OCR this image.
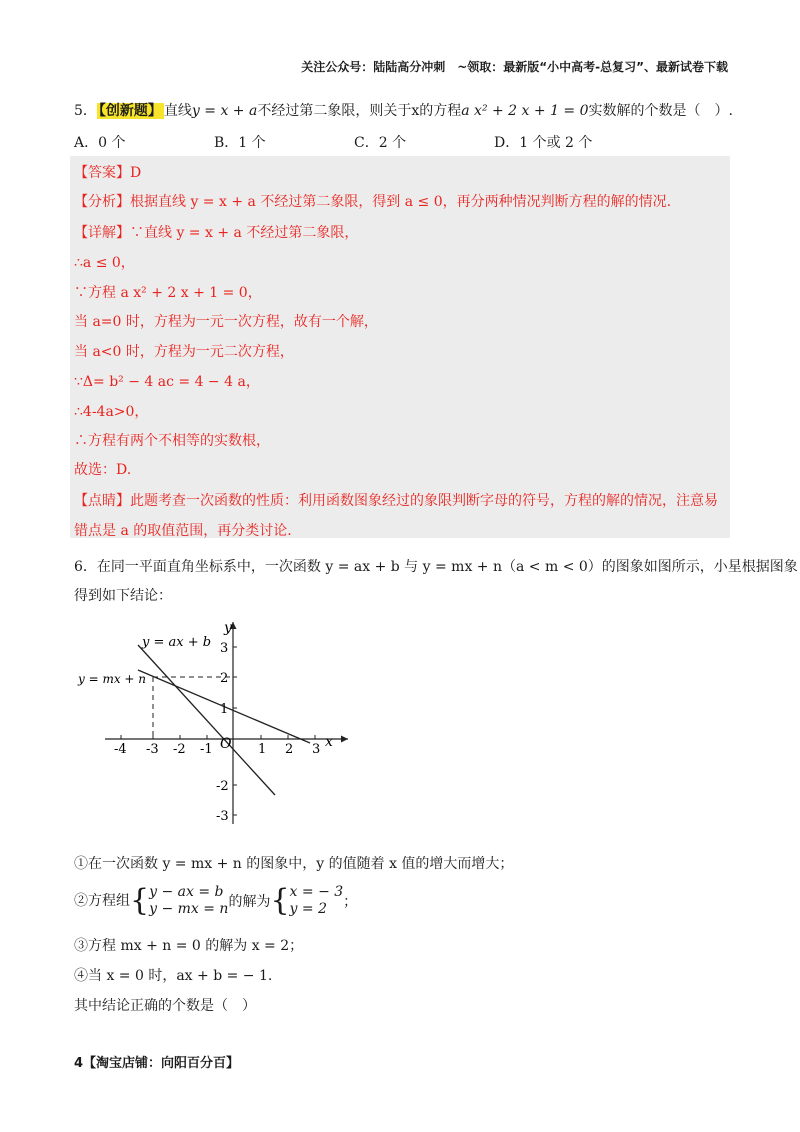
关注公众号：陆陆高分冲刺　~领取：最新版“小中高考-总复习”、最新试卷下载
5． 【创新题】 直线y = x + a不经过第二象限，则关于x的方程a x² + 2 x + 1 = 0实数解的个数是（　）.
A．0 个	B．1 个	C．2 个	D．1 个或 2 个
【答案】D
【分析】根据直线 y = x + a 不经过第二象限，得到 a ≤ 0，再分两种情况判断方程的解的情况.
【详解】∵直线 y = x + a 不经过第二象限，
∴a ≤ 0，
∵方程 a x² + 2 x + 1 = 0，
当 a=0 时，方程为一元一次方程，故有一个解，
当 a<0 时，方程为一元二次方程，
∵Δ= b² − 4 ac = 4 − 4 a，
∴4-4a>0，
∴方程有两个不相等的实数根，
故选：D.
【点睛】此题考查一次函数的性质：利用函数图象经过的象限判断字母的符号，方程的解的情况，注意易
错点是 a 的取值范围，再分类讨论.
6．在同一平面直角坐标系中，一次函数 y = ax + b 与 y = mx + n（a < m < 0）的图象如图所示，小星根据图象
得到如下结论：
y = ax + b
y = mx + n
x
y
O
-4 -3 -2 -1	1 2 3
3
2
1
-2
-3
①在一次函数 y = mx + n 的图象中，y 的值随着 x 值的增大而增大；
②方程组{y − ax = b
y − mx = n的解为{x = − 3
y = 2 ；
③方程 mx + n = 0 的解为 x = 2；
④当 x = 0 时，ax + b = − 1.
其中结论正确的个数是（　）
4【淘宝店铺：向阳百分百】
